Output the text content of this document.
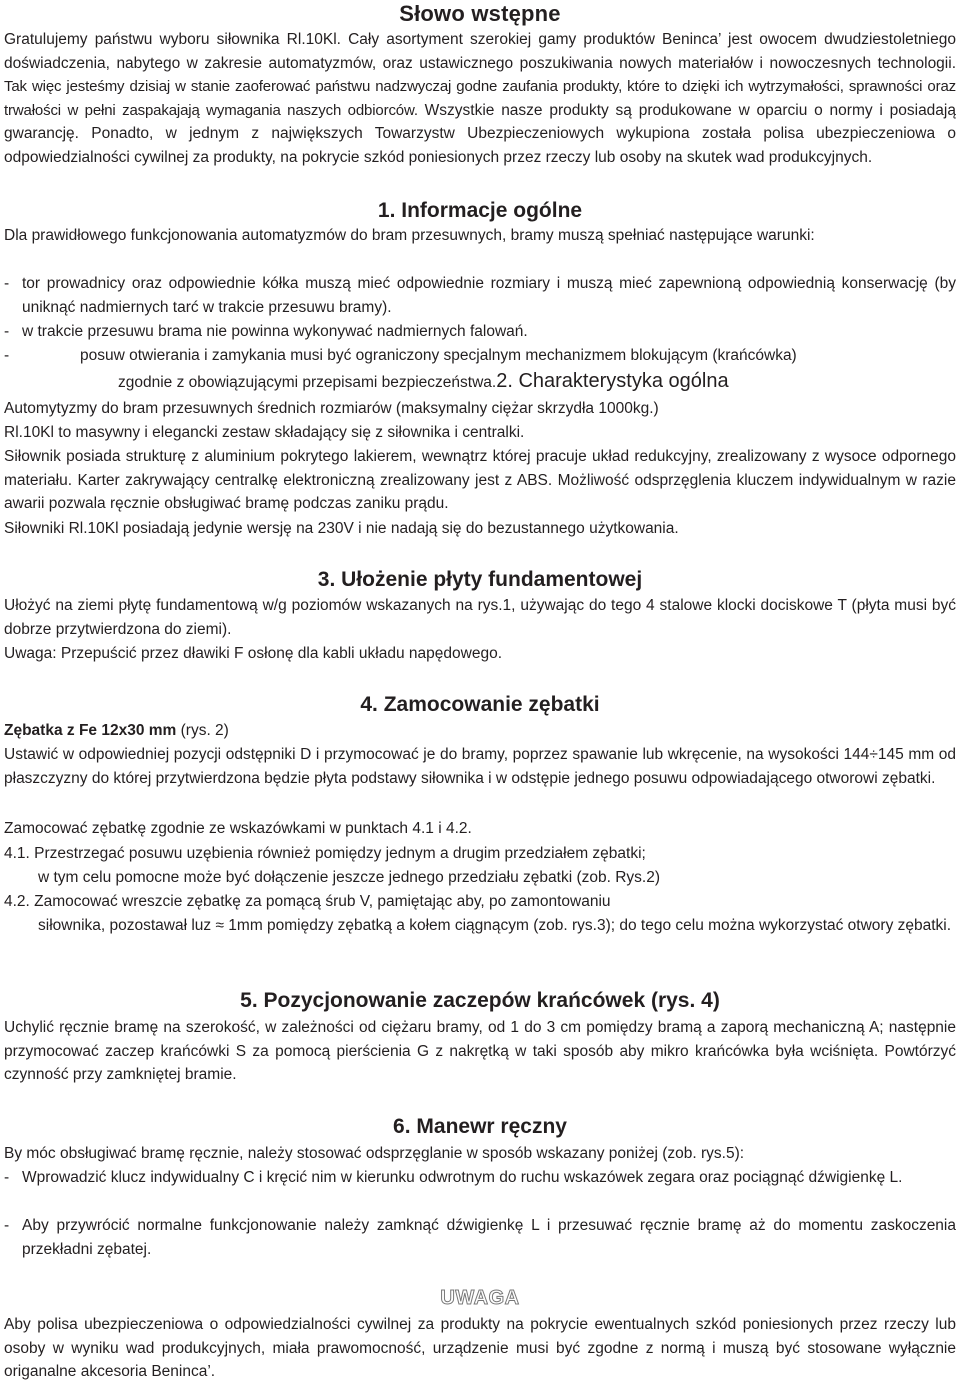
Słowo wstępne
Gratulujemy państwu wyboru siłownika Rl.10Kl. Cały asortyment szerokiej gamy produktów Beninca’ jest owocem dwudziestoletniego doświadczenia, nabytego w zakresie automatyzmów, oraz ustawicznego poszukiwania nowych materiałów i nowoczesnych technologii. Tak więc jesteśmy dzisiaj w stanie zaoferować państwu nadzwyczaj godne zaufania produkty, które to dzięki ich wytrzymałości, sprawności oraz trwałości w pełni zaspakajają wymagania naszych odbiorców. Wszystkie nasze produkty są produkowane w oparciu o normy i posiadają gwarancję. Ponadto, w jednym z największych Towarzystw Ubezpieczeniowych wykupiona została polisa ubezpieczeniowa o odpowiedzialności cywilnej za produkty, na pokrycie szkód poniesionych przez rzeczy lub osoby na skutek wad produkcyjnych.
1. Informacje ogólne
Dla prawidłowego funkcjonowania automatyzmów do bram przesuwnych, bramy muszą spełniać następujące warunki:
- tor prowadnicy oraz odpowiednie kółka muszą mieć odpowiednie rozmiary i muszą mieć zapewnioną odpowiednią konserwację (by uniknąć nadmiernych tarć w trakcie przesuwu bramy).
- w trakcie przesuwu brama nie powinna wykonywać nadmiernych falowań.
-	posuw otwierania i zamykania musi być ograniczony specjalnym mechanizmem blokującym (krańcówka)
zgodnie z obowiązującymi przepisami bezpieczeństwa.2. Charakterystyka ogólna
Automytyzmy do bram przesuwnych średnich rozmiarów (maksymalny ciężar skrzydła 1000kg.)
Rl.10Kl to masywny i elegancki zestaw składający się z siłownika i centralki.
Siłownik posiada strukturę z aluminium pokrytego lakierem, wewnątrz której pracuje układ redukcyjny, zrealizowany z wysoce odpornego materiału. Karter zakrywający centralkę elektroniczną zrealizowany jest z ABS. Możliwość odsprzęglenia kluczem indywidualnym w razie awarii pozwala ręcznie obsługiwać bramę podczas zaniku prądu.
Siłowniki Rl.10Kl posiadają jedynie wersję na 230V i nie nadają się do bezustannego użytkowania.
3. Ułożenie płyty fundamentowej
Ułożyć na ziemi płytę fundamentową w/g poziomów wskazanych na rys.1, używając do tego 4 stalowe klocki dociskowe T (płyta musi być dobrze przytwierdzona do ziemi).
Uwaga: Przepuścić przez dławiki F osłonę dla kabli układu napędowego.
4. Zamocowanie zębatki
Zębatka z Fe 12x30 mm (rys. 2)
Ustawić w odpowiedniej pozycji odstępniki D i przymocować je do bramy, poprzez spawanie lub wkręcenie, na wysokości 144÷145 mm od płaszczyzny do której przytwierdzona będzie płyta podstawy siłownika i w odstępie jednego posuwu odpowiadającego otworowi zębatki.
Zamocować zębatkę zgodnie ze wskazówkami w punktach 4.1 i 4.2.
4.1. Przestrzegać posuwu uzębienia również pomiędzy jednym a drugim przedziałem zębatki;
w tym celu pomocne może być dołączenie jeszcze jednego przedziału zębatki (zob. Rys.2)
4.2. Zamocować wreszcie zębatkę za pomącą śrub V, pamiętając aby, po zamontowaniu
siłownika, pozostawał luz ≈ 1mm pomiędzy zębatką a kołem ciągnącym (zob. rys.3); do tego celu można wykorzystać otwory zębatki.
5. Pozycjonowanie zaczepów krańcówek (rys. 4)
Uchylić ręcznie bramę na szerokość, w zależności od ciężaru bramy, od 1 do 3 cm pomiędzy bramą a zaporą mechaniczną A; następnie przymocować zaczep krańcówki S za pomocą pierścienia G z nakrętką w taki sposób aby mikro krańcówka była wciśnięta. Powtórzyć czynność przy zamkniętej bramie.
6. Manewr ręczny
By móc obsługiwać bramę ręcznie, należy stosować odsprzęglanie w sposób wskazany poniżej (zob. rys.5):
- Wprowadzić klucz indywidualny C i kręcić nim w kierunku odwrotnym do ruchu wskazówek zegara oraz pociągnąć dźwigienkę L.
- Aby przywrócić normalne funkcjonowanie należy zamknąć dźwigienkę L i przesuwać ręcznie bramę aż do momentu zaskoczenia przekładni zębatej.
UWAGA
Aby polisa ubezpieczeniowa o odpowiedzialności cywilnej za produkty na pokrycie ewentualnych szkód poniesionych przez rzeczy lub osoby w wyniku wad produkcyjnych, miała prawomocność, urządzenie musi być zgodne z normą i muszą być stosowane wyłącznie origanalne akcesoria Beninca’.
